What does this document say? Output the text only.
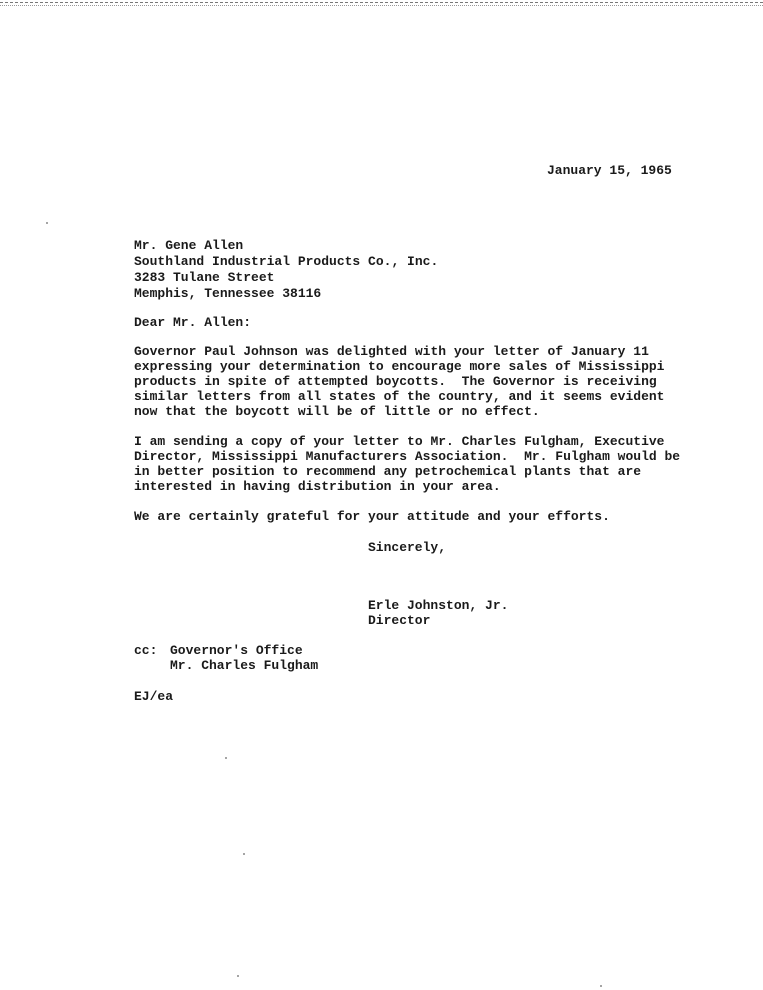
January 15, 1965
Mr. Gene Allen
Southland Industrial Products Co., Inc.
3283 Tulane Street
Memphis, Tennessee 38116
Dear Mr. Allen:
Governor Paul Johnson was delighted with your letter of January 11
expressing your determination to encourage more sales of Mississippi
products in spite of attempted boycotts.  The Governor is receiving
similar letters from all states of the country, and it seems evident
now that the boycott will be of little or no effect.
I am sending a copy of your letter to Mr. Charles Fulgham, Executive
Director, Mississippi Manufacturers Association.  Mr. Fulgham would be
in better position to recommend any petrochemical plants that are
interested in having distribution in your area.
We are certainly grateful for your attitude and your efforts.
Sincerely,
Erle Johnston, Jr.
Director
cc: Governor's Office
Mr. Charles Fulgham
EJ/ea
